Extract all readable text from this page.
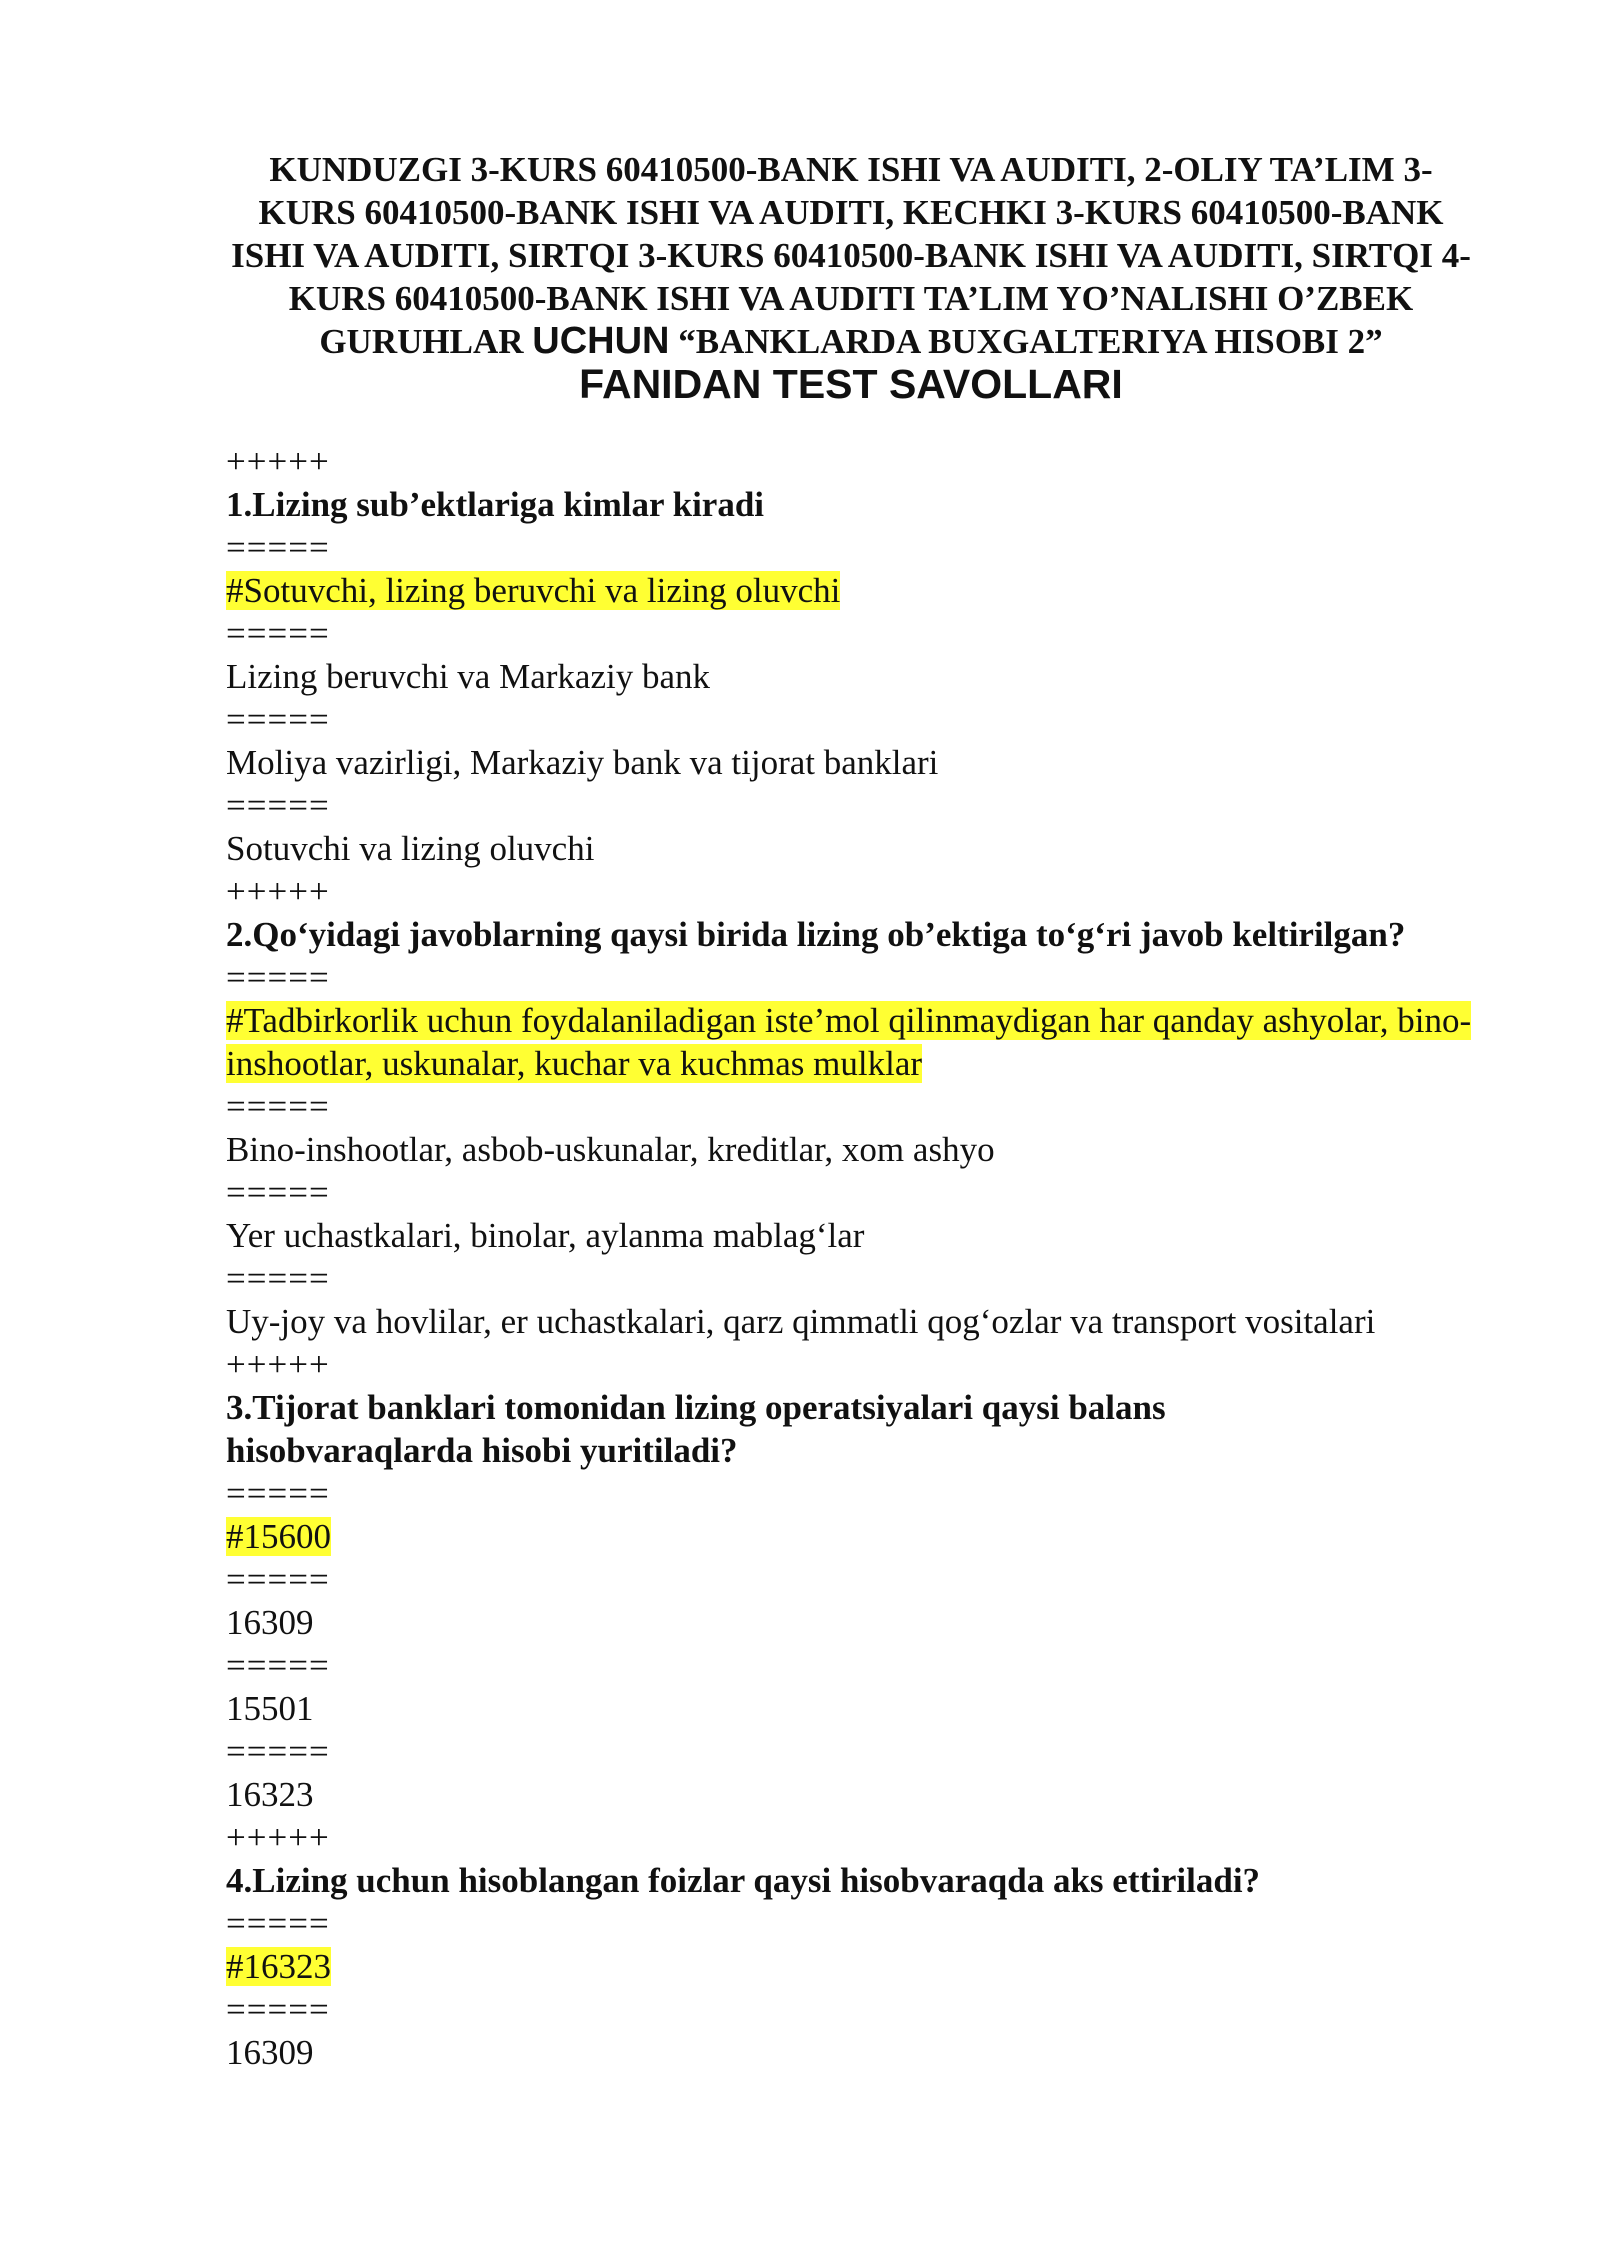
KUNDUZGI 3-KURS 60410500-BANK ISHI VA AUDITI, 2-OLIY TA’LIM 3-KURS 60410500-BANK ISHI VA AUDITI, KECHKI 3-KURS 60410500-BANK ISHI VA AUDITI, SIRTQI 3-KURS 60410500-BANK ISHI VA AUDITI, SIRTQI 4-KURS 60410500-BANK ISHI VA AUDITI TA’LIM YO’NALISHI O’ZBEK GURUHLAR UCHUN “BANKLARDA BUXGALTERIYA HISOBI 2” FANIDAN TEST SAVOLLARI
+++++
1.Lizing sub’ektlariga kimlar kiradi
=====
#Sotuvchi, lizing beruvchi va lizing oluvchi
=====
Lizing beruvchi va Markaziy bank
=====
Moliya vazirligi, Markaziy bank va tijorat banklari
=====
Sotuvchi va lizing oluvchi
+++++
2.Qo‘yidagi javoblarning qaysi birida lizing ob’ektiga to‘g‘ri javob keltirilgan?
=====
#Tadbirkorlik uchun foydalaniladigan iste’mol qilinmaydigan har qanday ashyolar, bino-inshootlar, uskunalar, kuchar va kuchmas mulklar
=====
Bino-inshootlar, asbob-uskunalar, kreditlar, xom ashyo
=====
Yer uchastkalari, binolar, aylanma mablag‘lar
=====
Uy-joy va hovlilar, er uchastkalari, qarz qimmatli qog‘ozlar va transport vositalari
+++++
3.Tijorat banklari tomonidan lizing operatsiyalari qaysi balans hisobvaraqlarda hisobi yuritiladi?
=====
#15600
=====
16309
=====
15501
=====
16323
+++++
4.Lizing uchun hisoblangan foizlar qaysi hisobvaraqda aks ettiriladi?
=====
#16323
=====
16309
